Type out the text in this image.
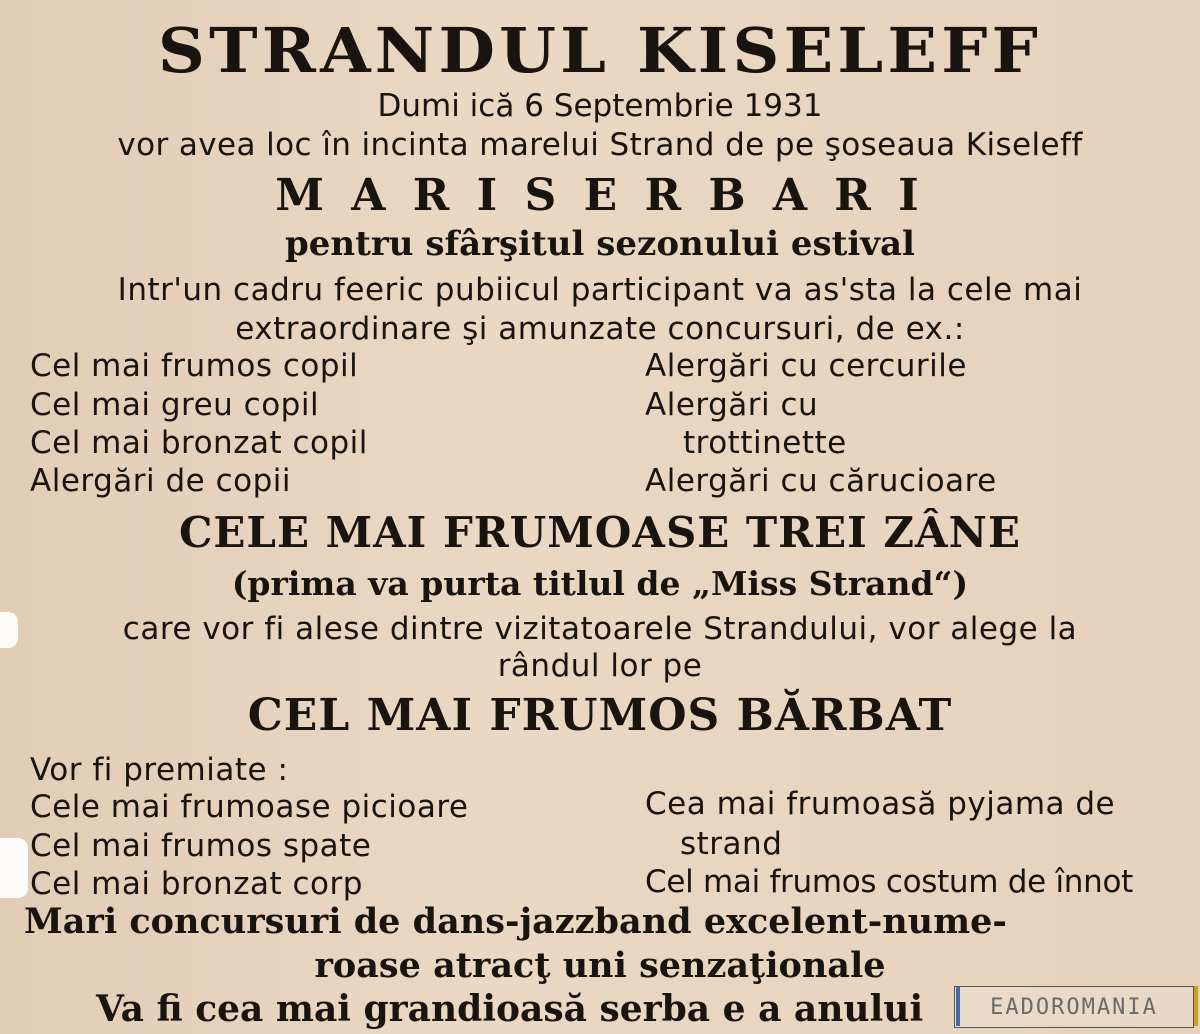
STRANDUL KISELEFF
Dumi ică 6 Septembrie 1931
vor avea loc în incinta marelui Strand de pe şoseaua Kiseleff
M A R I S E R B A R I
pentru sfârşitul sezonului estival
Intr'un cadru feeric pubiicul participant va as'sta la cele mai
extraordinare şi amunzate concursuri, de ex.:
Cel mai frumos copil
Cel mai greu copil
Cel mai bronzat copil
Alergări de copii
Alergări cu cercurile
Alergări cu
trottinette
Alergări cu cărucioare
CELE MAI FRUMOASE TREI ZÂNE
(prima va purta titlul de „Miss Strand“)
care vor fi alese dintre vizitatoarele Strandului, vor alege la
rândul lor pe
CEL MAI FRUMOS BĂRBAT
Vor fi premiate :
Cele mai frumoase picioare
Cel mai frumos spate
Cel mai bronzat corp
Cea mai frumoasă pyjama de
strand
Cel mai frumos costum de înnot
Mari concursuri de dans-jazzband excelent-nume-
roase atracţ uni senzaţionale
Va fi cea mai grandioasă serba e a anului	EADOROMANIA
